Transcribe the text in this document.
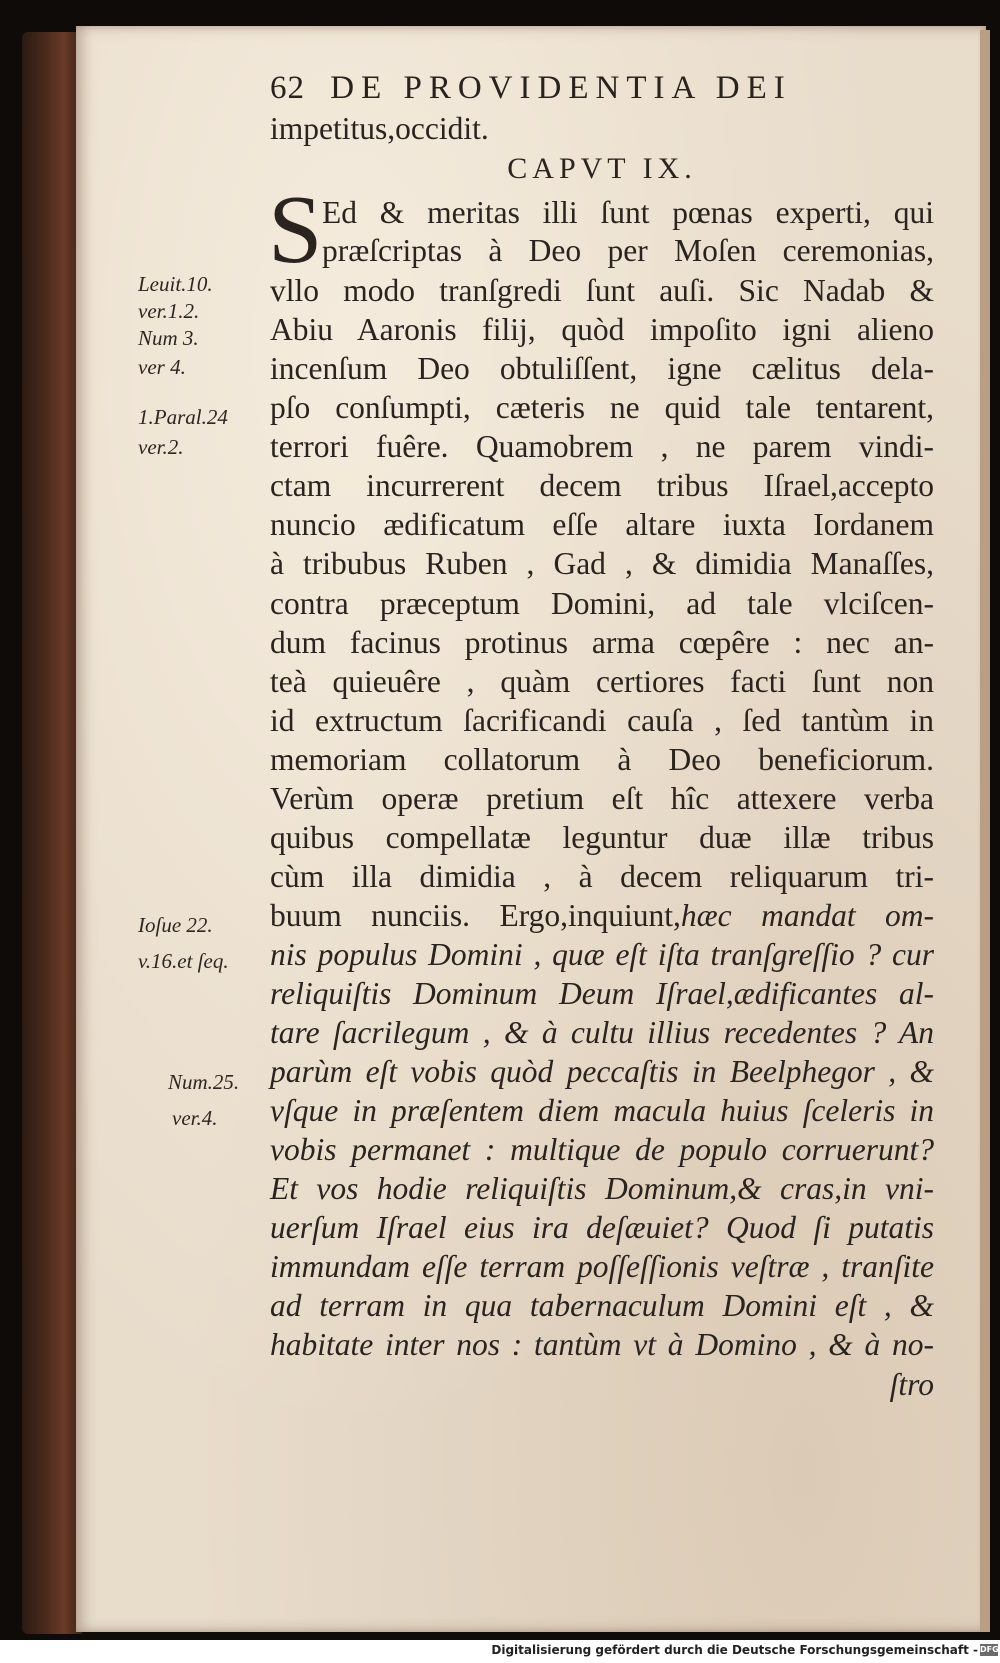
62 DE PROVIDENTIA DEI
impetitus,occidit.
CAPVT IX.
S Ed & meritas illi ſunt pœnas experti, qui
præſcriptas à Deo per Moſen ceremonias,
vllo modo tranſgredi ſunt auſi. Sic Nadab &
Abiu Aaronis filij, quòd impoſito igni alieno
incenſum Deo obtuliſſent, igne cælitus dela-
pſo conſumpti, cæteris ne quid tale tentarent,
terrori fuêre. Quamobrem , ne parem vindi-
ctam incurrerent decem tribus Iſrael,accepto
nuncio ædificatum eſſe altare iuxta Iordanem
à tribubus Ruben , Gad , & dimidia Manaſſes,
contra præceptum Domini, ad tale vlciſcen-
dum facinus protinus arma cœpêre : nec an-
teà quieuêre , quàm certiores facti ſunt non
id extructum ſacrificandi cauſa , ſed tantùm in
memoriam collatorum à Deo beneficiorum.
Verùm operæ pretium eſt hîc attexere verba
quibus compellatæ leguntur duæ illæ tribus
cùm illa dimidia , à decem reliquarum tri-
buum nunciis. Ergo,inquiunt,hæc mandat om-
nis populus Domini , quæ eſt iſta tranſgreſſio ? cur
reliquiſtis Dominum Deum Iſrael,ædificantes al-
tare ſacrilegum , & à cultu illius recedentes ? An
parùm eſt vobis quòd peccaſtis in Beelphegor , &
vſque in præſentem diem macula huius ſceleris in
vobis permanet : multique de populo corruerunt?
Et vos hodie reliquiſtis Dominum,& cras,in vni-
uerſum Iſrael eius ira deſæuiet? Quod ſi putatis
immundam eſſe terram poſſeſſionis veſtræ , tranſite
ad terram in qua tabernaculum Domini eſt , &
habitate inter nos : tantùm vt à Domino , & à no-
ſtro
Leuit.10.
ver.1.2.
Num 3.
ver 4.
1.Paral.24
ver.2.
Ioſue 22.
v.16.et ſeq.
Num.25.
ver.4.
Digitalisierung gefördert durch die Deutsche Forschungsgemeinschaft - DFG
